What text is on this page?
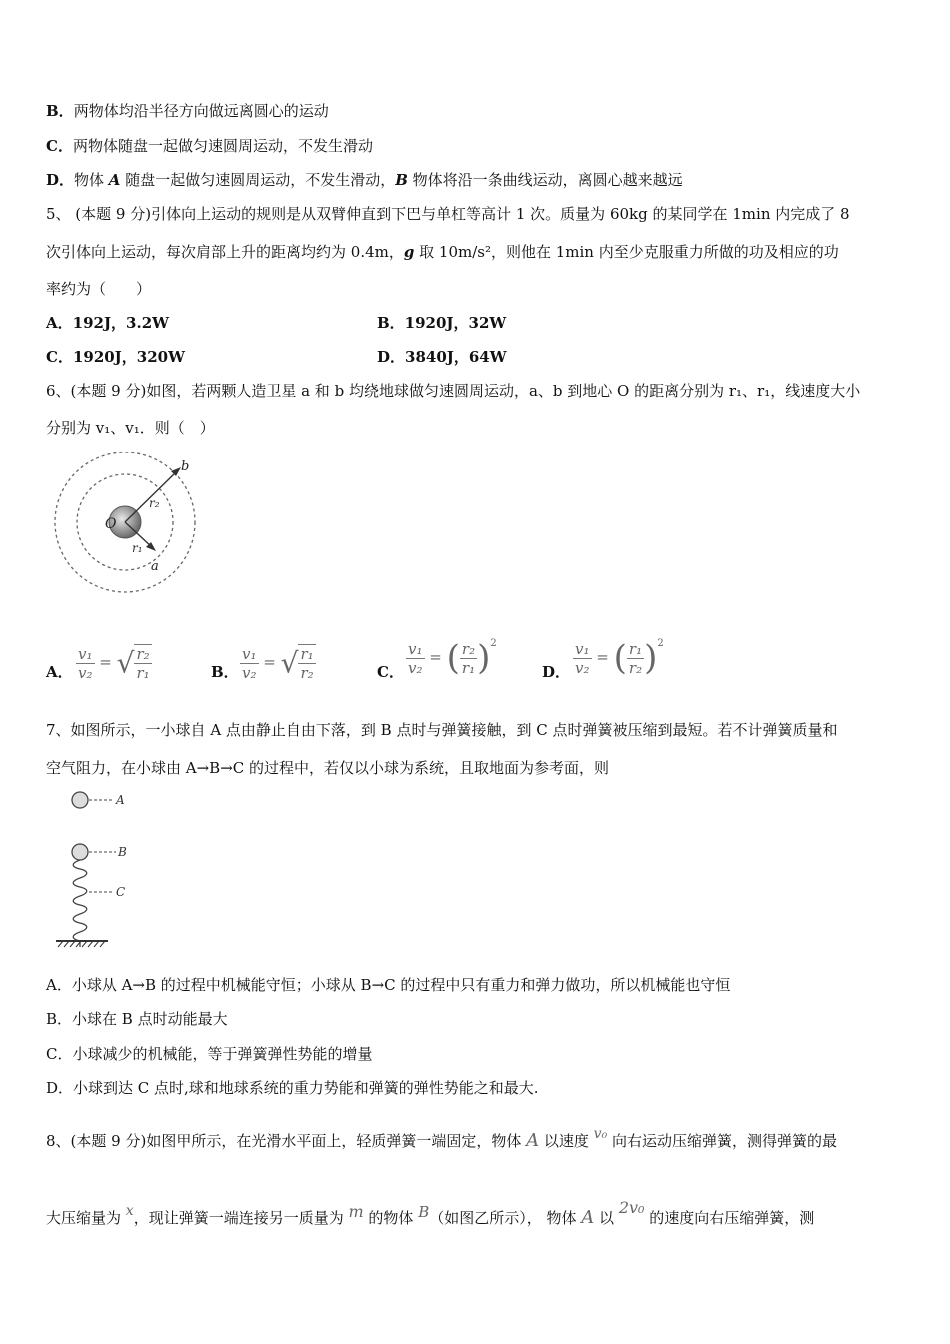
B．两物体均沿半径方向做远离圆心的运动
C．两物体随盘一起做匀速圆周运动，不发生滑动
D．物体 A 随盘一起做匀速圆周运动，不发生滑动，B 物体将沿一条曲线运动，离圆心越来越远
5、 (本题 9 分)引体向上运动的规则是从双臂伸直到下巴与单杠等高计 1 次。质量为 60kg 的某同学在 1min 内完成了 8
次引体向上运动，每次肩部上升的距离均约为 0.4m，g 取 10m/s²，则他在 1min 内至少克服重力所做的功及相应的功
率约为（　　）
A．192J，3.2W	B．1920J，32W
C．1920J，320W	D．3840J，64W
6、(本题 9 分)如图，若两颗人造卫星 a 和 b 均绕地球做匀速圆周运动，a、b 到地心 O 的距离分别为 r₁、r₁，线速度大小
分别为 v₁、v₁．则（　）
O
b
a
r₂
r₁
A． $\frac{\text{v₁}}{\text{v₂}}$ = √ $\frac{\text{r₂}}{\text{r₁}}$	B． $\frac{\text{v₁}}{\text{v₂}}$ = √ $\frac{\text{r₁}}{\text{r₂}}$	C． $\frac{\text{v₁}}{\text{v₂}}$ = ( $\frac{\text{r₂}}{\text{r₁}} )^2$
D． $\frac{\text{v₁}}{\text{v₂}}$ = ( $\frac{\text{r₁}}{\text{r₂}} )^2$
7、如图所示，一小球自 A 点由静止自由下落，到 B 点时与弹簧接触，到 C 点时弹簧被压缩到最短。若不计弹簧质量和
空气阻力，在小球由 A→B→C 的过程中，若仅以小球为系统，且取地面为参考面，则
A
B
C
A．小球从 A→B 的过程中机械能守恒；小球从 B→C 的过程中只有重力和弹力做功，所以机械能也守恒
B．小球在 B 点时动能最大
C．小球减少的机械能，等于弹簧弹性势能的增量
D．小球到达 C 点时,球和地球系统的重力势能和弹簧的弹性势能之和最大.
8、(本题 9 分)如图甲所示，在光滑水平面上，轻质弹簧一端固定，物体 A 以速度 v₀ 向右运动压缩弹簧，测得弹簧的最
大压缩量为 x，现让弹簧一端连接另一质量为 m 的物体 B（如图乙所示）， 物体 A 以 2v₀ 的速度向右压缩弹簧，测
